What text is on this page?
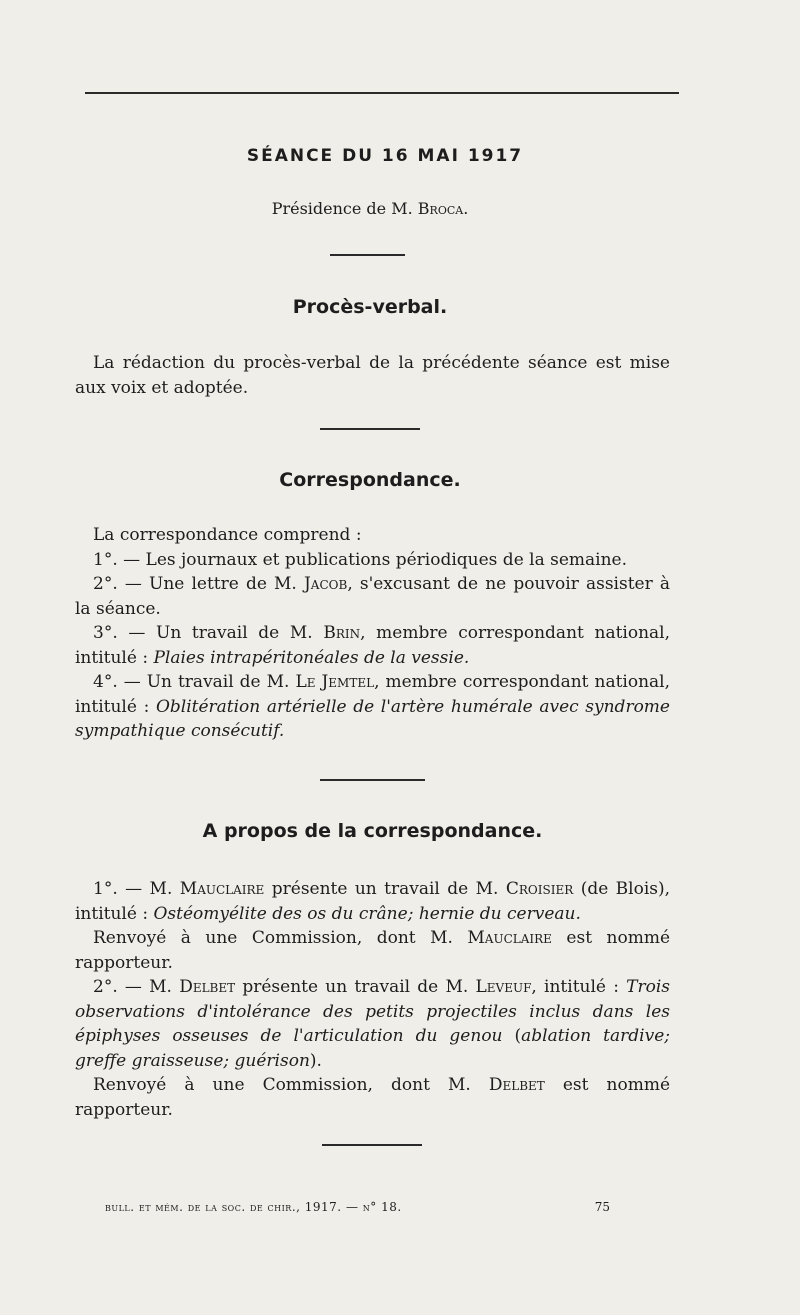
SÉANCE DU 16 MAI 1917
Présidence de M. Broca.
Procès-verbal.

La rédaction du procès-verbal de la précédente séance est mise aux voix et adoptée.

Correspondance.

La correspondance comprend :

1°. — Les journaux et publications périodiques de la semaine.

2°. — Une lettre de M. Jacob, s'excusant de ne pouvoir assister à la séance.

3°. — Un travail de M. Brin, membre correspondant national, intitulé : Plaies intrapéritonéales de la vessie.

4°. — Un travail de M. Le Jemtel, membre correspondant national, intitulé : Oblitération artérielle de l'artère humérale avec syndrome sympathique consécutif.

A propos de la correspondance.

1°. — M. Mauclaire présente un travail de M. Croisier (de Blois), intitulé : Ostéomyélite des os du crâne; hernie du cerveau.

Renvoyé à une Commission, dont M. Mauclaire est nommé rapporteur.

2°. — M. Delbet présente un travail de M. Leveuf, intitulé : Trois observations d'intolérance des petits projectiles inclus dans les épiphyses osseuses de l'articulation du genou (ablation tardive; greffe graisseuse; guérison).

Renvoyé à une Commission, dont M. Delbet est nommé rapporteur.

bull. et mém. de la soc. de chir., 1917. — n° 18.	75
